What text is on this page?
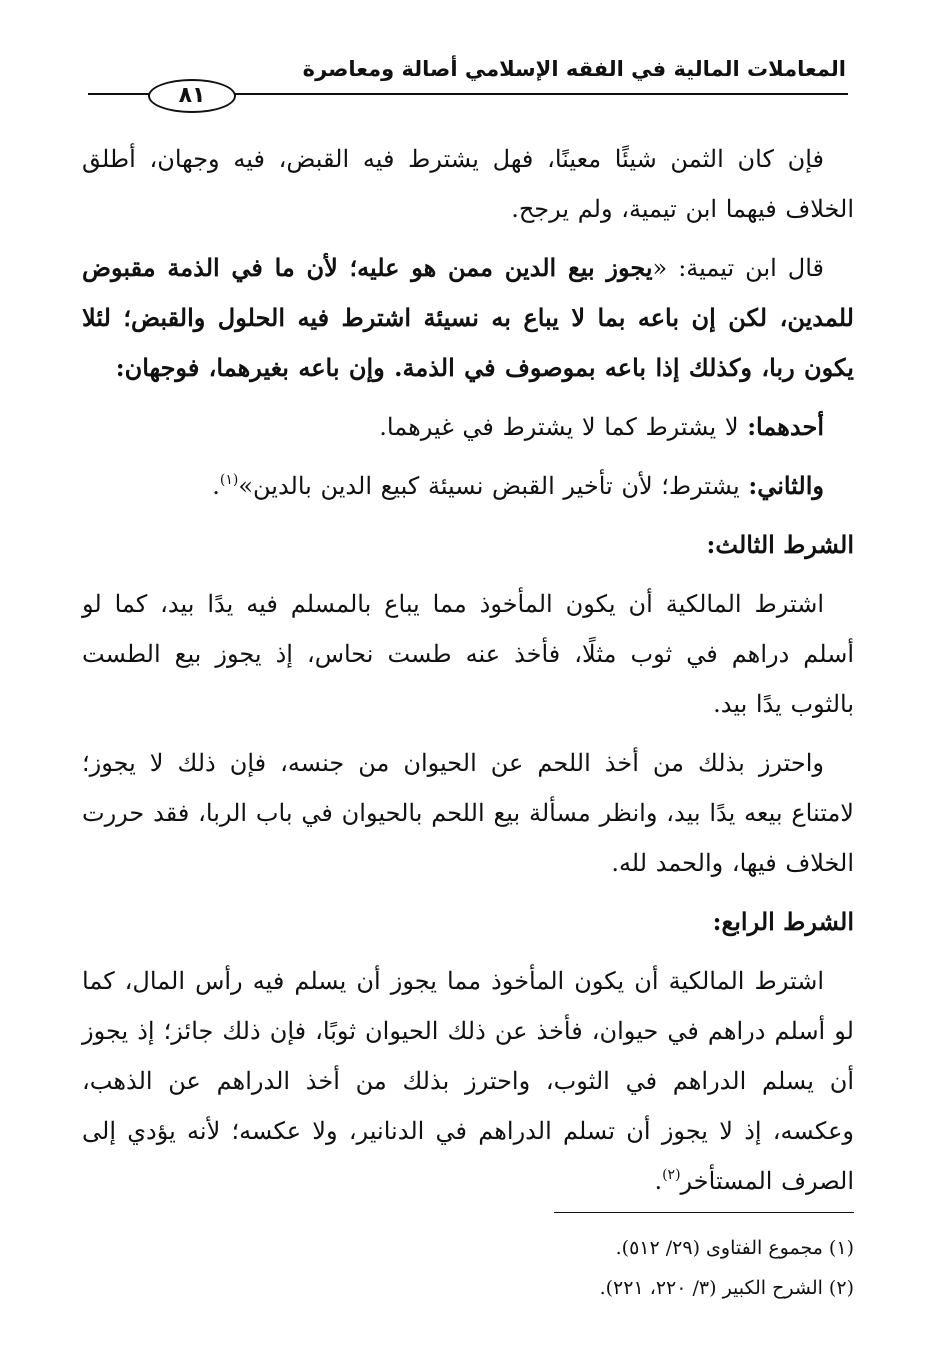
المعاملات المالية في الفقه الإسلامي أصالة ومعاصرة
٨١

فإن كان الثمن شيئًا معينًا، فهل يشترط فيه القبض، فيه وجهان، أطلق الخلاف فيهما ابن تيمية، ولم يرجح.

قال ابن تيمية: «يجوز بيع الدين ممن هو عليه؛ لأن ما في الذمة مقبوض للمدين، لكن إن باعه بما لا يباع به نسيئة اشترط فيه الحلول والقبض؛ لئلا يكون ربا، وكذلك إذا باعه بموصوف في الذمة. وإن باعه بغيرهما، فوجهان:

أحدهما: لا يشترط كما لا يشترط في غيرهما.

والثاني: يشترط؛ لأن تأخير القبض نسيئة كبيع الدين بالدين»$^{(١)}$.

الشرط الثالث:

اشترط المالكية أن يكون المأخوذ مما يباع بالمسلم فيه يدًا بيد، كما لو أسلم دراهم في ثوب مثلًا، فأخذ عنه طست نحاس، إذ يجوز بيع الطست بالثوب يدًا بيد.

واحترز بذلك من أخذ اللحم عن الحيوان من جنسه، فإن ذلك لا يجوز؛ لامتناع بيعه يدًا بيد، وانظر مسألة بيع اللحم بالحيوان في باب الربا، فقد حررت الخلاف فيها، والحمد لله.

الشرط الرابع:

اشترط المالكية أن يكون المأخوذ مما يجوز أن يسلم فيه رأس المال، كما لو أسلم دراهم في حيوان، فأخذ عن ذلك الحيوان ثوبًا، فإن ذلك جائز؛ إذ يجوز أن يسلم الدراهم في الثوب، واحترز بذلك من أخذ الدراهم عن الذهب، وعكسه، إذ لا يجوز أن تسلم الدراهم في الدنانير، ولا عكسه؛ لأنه يؤدي إلى الصرف المستأخر$^{(٢)}$.

(١) مجموع الفتاوى (٢٩/ ٥١٢).
(٢) الشرح الكبير (٣/ ٢٢٠، ٢٢١).
